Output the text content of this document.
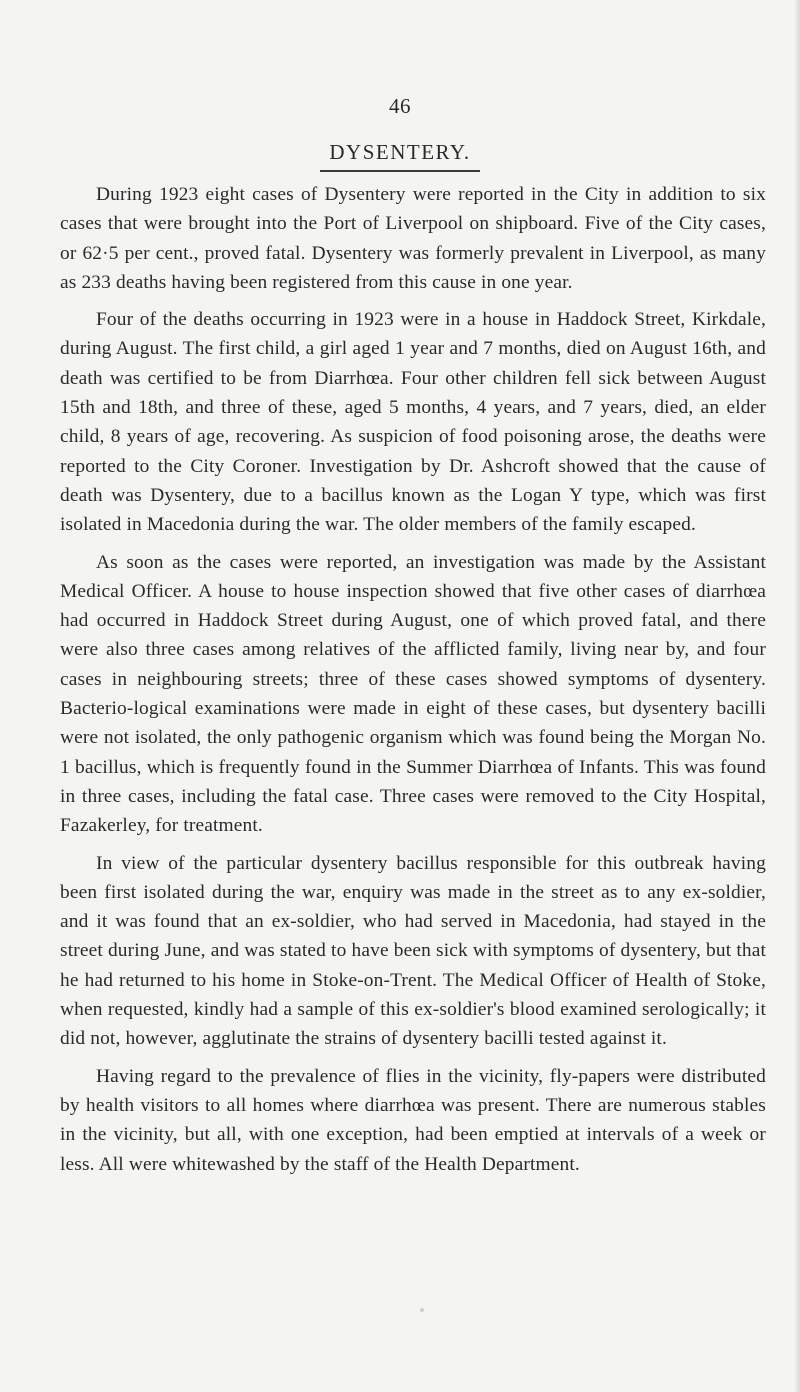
46
DYSENTERY.

During 1923 eight cases of Dysentery were reported in the City in addition to six cases that were brought into the Port of Liverpool on shipboard. Five of the City cases, or 62·5 per cent., proved fatal. Dysentery was formerly prevalent in Liverpool, as many as 233 deaths having been registered from this cause in one year.

Four of the deaths occurring in 1923 were in a house in Haddock Street, Kirkdale, during August. The first child, a girl aged 1 year and 7 months, died on August 16th, and death was certified to be from Diarrhœa. Four other children fell sick between August 15th and 18th, and three of these, aged 5 months, 4 years, and 7 years, died, an elder child, 8 years of age, recovering. As suspicion of food poisoning arose, the deaths were reported to the City Coroner. Investigation by Dr. Ashcroft showed that the cause of death was Dysentery, due to a bacillus known as the Logan Y type, which was first isolated in Macedonia during the war. The older members of the family escaped.

As soon as the cases were reported, an investigation was made by the Assistant Medical Officer. A house to house inspection showed that five other cases of diarrhœa had occurred in Haddock Street during August, one of which proved fatal, and there were also three cases among relatives of the afflicted family, living near by, and four cases in neighbouring streets; three of these cases showed symptoms of dysentery. Bacterio-logical examinations were made in eight of these cases, but dysentery bacilli were not isolated, the only pathogenic organism which was found being the Morgan No. 1 bacillus, which is frequently found in the Summer Diarrhœa of Infants. This was found in three cases, including the fatal case. Three cases were removed to the City Hospital, Fazakerley, for treatment.

In view of the particular dysentery bacillus responsible for this outbreak having been first isolated during the war, enquiry was made in the street as to any ex-soldier, and it was found that an ex-soldier, who had served in Macedonia, had stayed in the street during June, and was stated to have been sick with symptoms of dysentery, but that he had returned to his home in Stoke-on-Trent. The Medical Officer of Health of Stoke, when requested, kindly had a sample of this ex-soldier's blood examined serologically; it did not, however, agglutinate the strains of dysentery bacilli tested against it.

Having regard to the prevalence of flies in the vicinity, fly-papers were distributed by health visitors to all homes where diarrhœa was present. There are numerous stables in the vicinity, but all, with one exception, had been emptied at intervals of a week or less. All were whitewashed by the staff of the Health Department.
